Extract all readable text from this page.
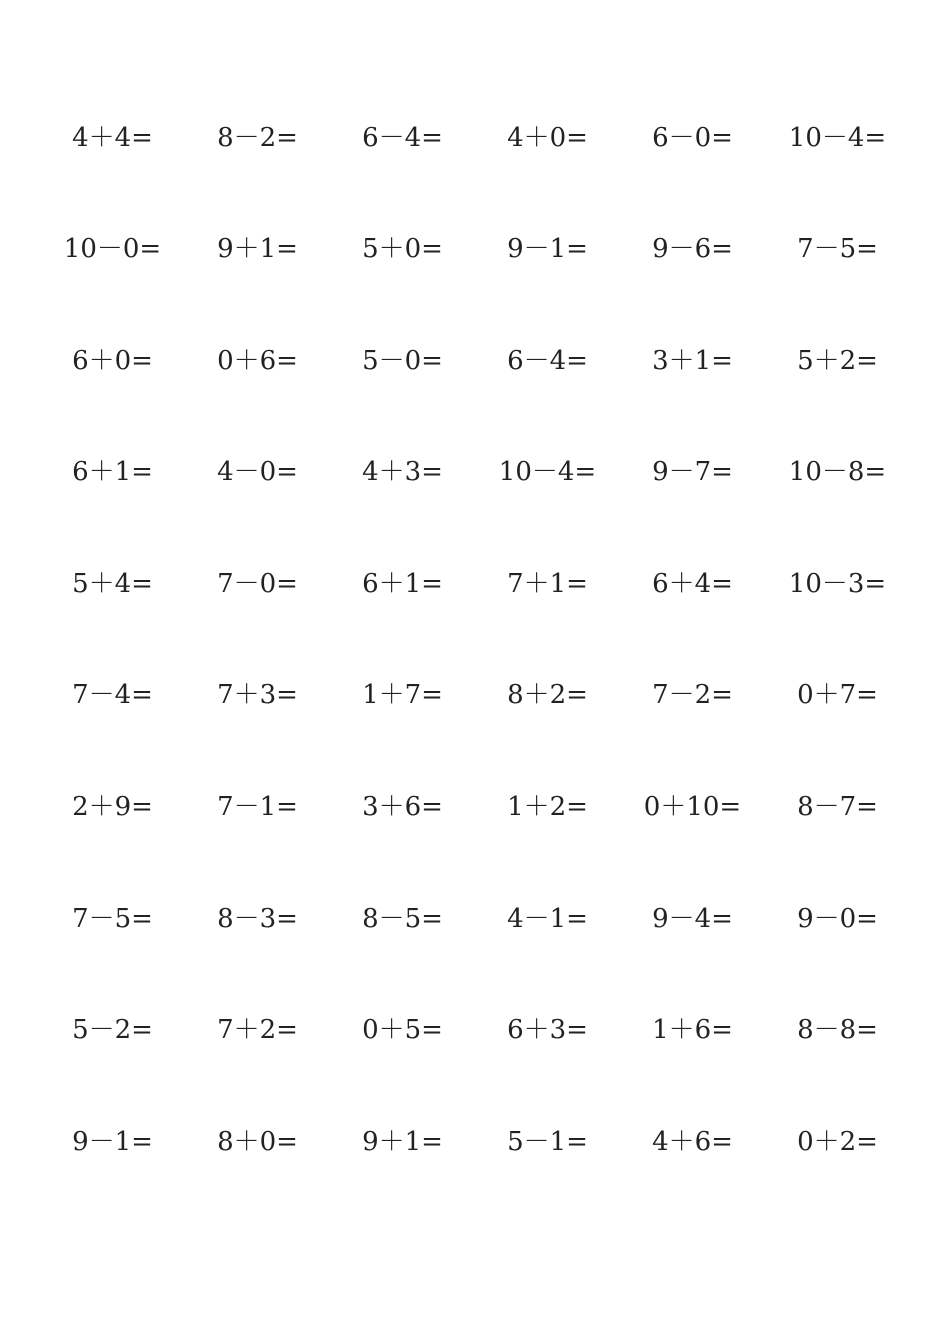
4＋4=	8－2=	6－4=	4＋0=	6－0=	10－4=
10－0=	9＋1=	5＋0=	9－1=	9－6=	7－5=
6＋0=	0＋6=	5－0=	6－4=	3＋1=	5＋2=
6＋1=	4－0=	4＋3=	10－4=	9－7=	10－8=
5＋4=	7－0=	6＋1=	7＋1=	6＋4=	10－3=
7－4=	7＋3=	1＋7=	8＋2=	7－2=	0＋7=
2＋9=	7－1=	3＋6=	1＋2=	0＋10=	8－7=
7－5=	8－3=	8－5=	4－1=	9－4=	9－0=
5－2=	7＋2=	0＋5=	6＋3=	1＋6=	8－8=
9－1=	8＋0=	9＋1=	5－1=	4＋6=	0＋2=
